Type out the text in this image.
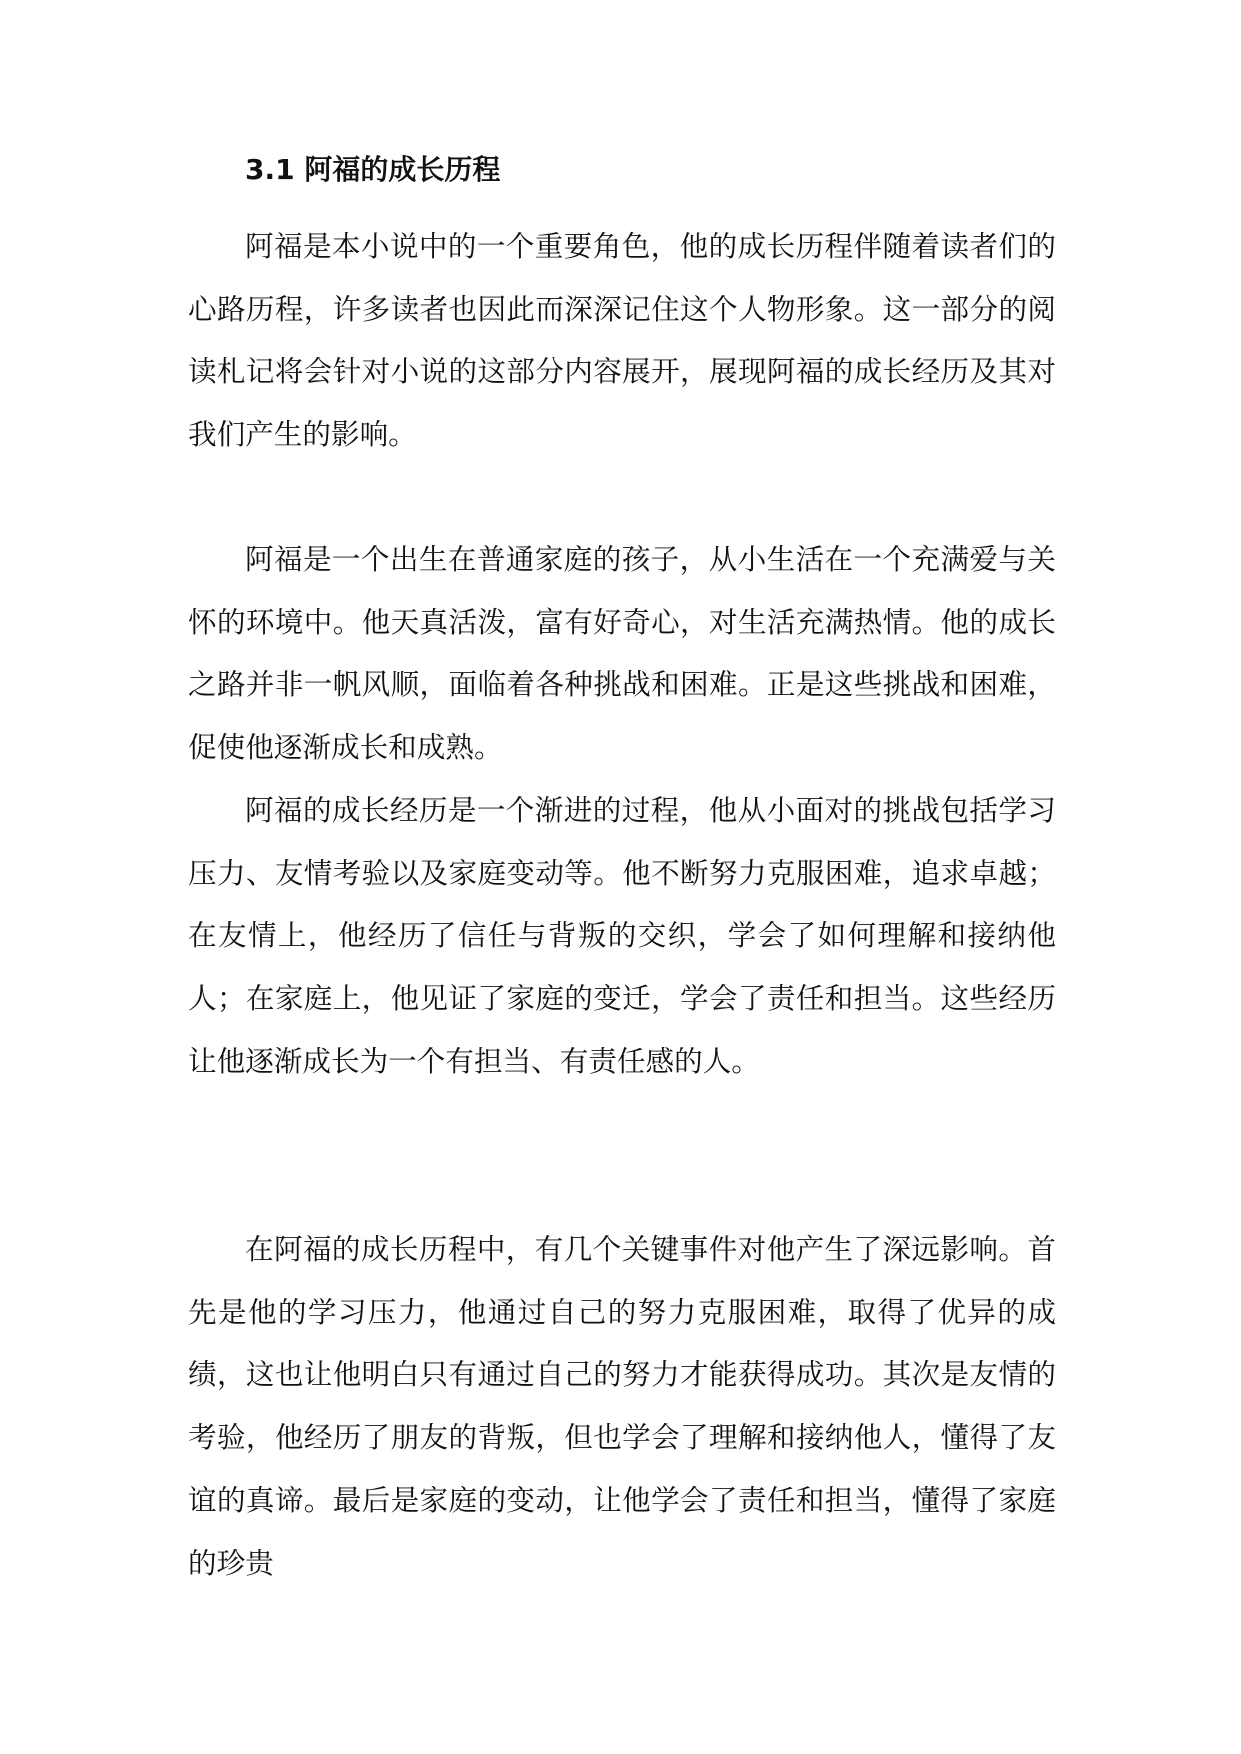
3.1 阿福的成长历程

阿福是本小说中的一个重要角色，他的成长历程伴随着读者们的心路历程，许多读者也因此而深深记住这个人物形象。这一部分的阅读札记将会针对小说的这部分内容展开，展现阿福的成长经历及其对我们产生的影响。

阿福是一个出生在普通家庭的孩子，从小生活在一个充满爱与关怀的环境中。他天真活泼，富有好奇心，对生活充满热情。他的成长之路并非一帆风顺，面临着各种挑战和困难。正是这些挑战和困难，促使他逐渐成长和成熟。

阿福的成长经历是一个渐进的过程，他从小面对的挑战包括学习压力、友情考验以及家庭变动等。他不断努力克服困难，追求卓越；在友情上，他经历了信任与背叛的交织，学会了如何理解和接纳他人；在家庭上，他见证了家庭的变迁，学会了责任和担当。这些经历让他逐渐成长为一个有担当、有责任感的人。

在阿福的成长历程中，有几个关键事件对他产生了深远影响。首先是他的学习压力，他通过自己的努力克服困难，取得了优异的成绩，这也让他明白只有通过自己的努力才能获得成功。其次是友情的考验，他经历了朋友的背叛，但也学会了理解和接纳他人，懂得了友谊的真谛。最后是家庭的变动，让他学会了责任和担当，懂得了家庭的珍贵
